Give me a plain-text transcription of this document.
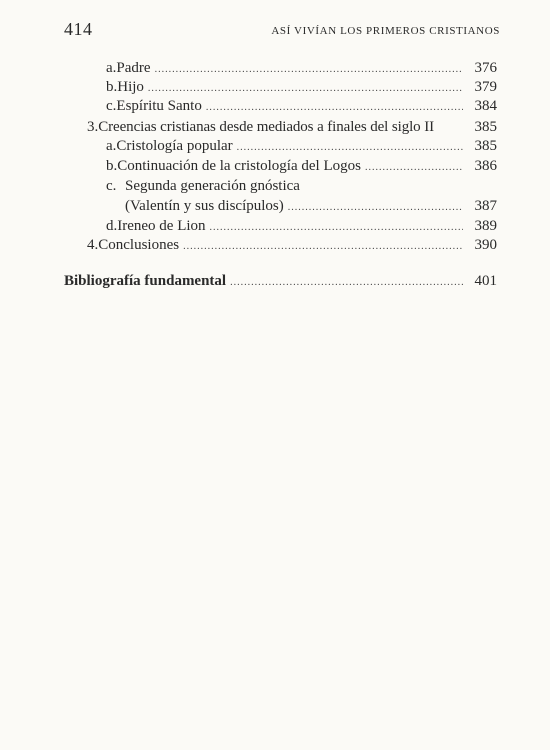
414	ASÍ VIVÍAN LOS PRIMEROS CRISTIANOS
a. Padre .....	376
b. Hijo .....	379
c. Espíritu Santo .....	384
3. Creencias cristianas desde mediados a finales del siglo II	385
a. Cristología popular .....	385
b. Continuación de la cristología del Logos .....	386
c. Segunda generación gnóstica
(Valentín y sus discípulos) .....	387
d. Ireneo de Lion .....	389
4. Conclusiones .....	390
Bibliografía fundamental .....	401
